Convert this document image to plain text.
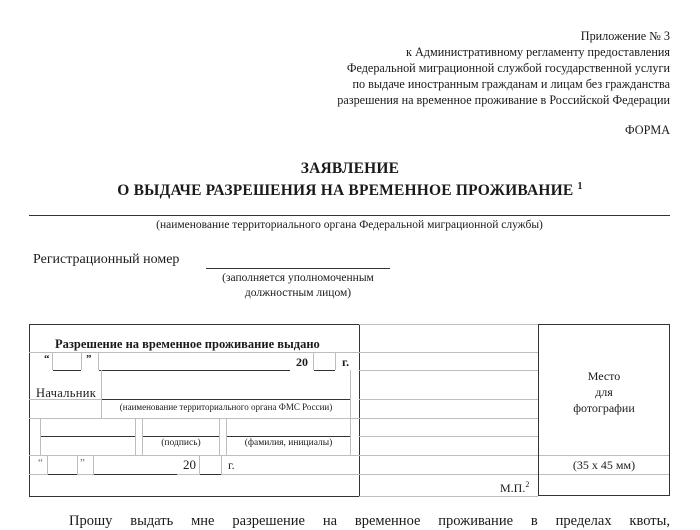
Приложение № 3
к Административному регламенту предоставления
Федеральной миграционной службой государственной услуги
по выдаче иностранным гражданам и лицам без гражданства
разрешения на временное проживание в Российской Федерации
ФОРМА
ЗАЯВЛЕНИЕ
О ВЫДАЧЕ РАЗРЕШЕНИЯ НА ВРЕМЕННОЕ ПРОЖИВАНИЕ $^1$
(наименование территориального органа Федеральной миграционной службы)
Регистрационный номер
(заполняется уполномоченным
должностным лицом)
Разрешение на временное проживание выдано
“	”	20	г.
Начальник
(наименование территориального органа ФМС России)
(подпись)	(фамилия, инициалы)
“	”	20	г.
М.П.$^2$
Место
для
фотографии
(35 x 45 мм)
Прошу выдать мне разрешение на временное проживание в пределах квоты,
